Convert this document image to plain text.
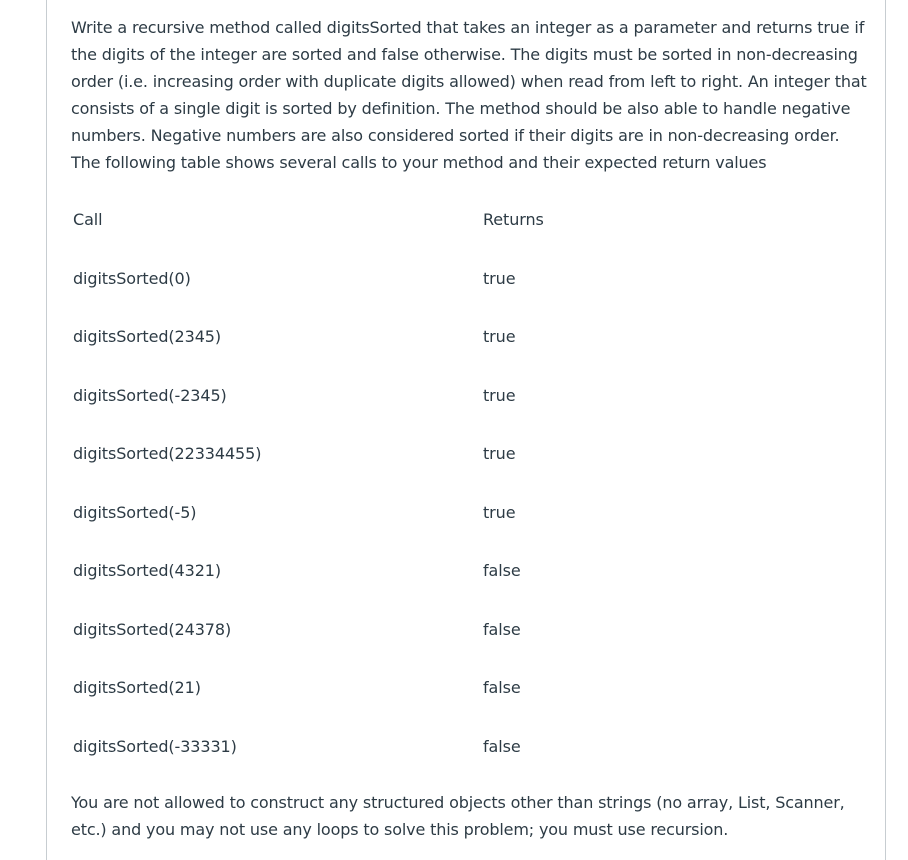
Write a recursive method called digitsSorted that takes an integer as a parameter and returns true if
the digits of the integer are sorted and false otherwise. The digits must be sorted in non-decreasing
order (i.e. increasing order with duplicate digits allowed) when read from left to right. An integer that
consists of a single digit is sorted by definition. The method should be also able to handle negative
numbers. Negative numbers are also considered sorted if their digits are in non-decreasing order.
The following table shows several calls to your method and their expected return values

Call	Returns
digitsSorted(0)	true
digitsSorted(2345)	true
digitsSorted(-2345)	true
digitsSorted(22334455)	true
digitsSorted(-5)	true
digitsSorted(4321)	false
digitsSorted(24378)	false
digitsSorted(21)	false
digitsSorted(-33331)	false

You are not allowed to construct any structured objects other than strings (no array, List, Scanner,
etc.) and you may not use any loops to solve this problem; you must use recursion.
